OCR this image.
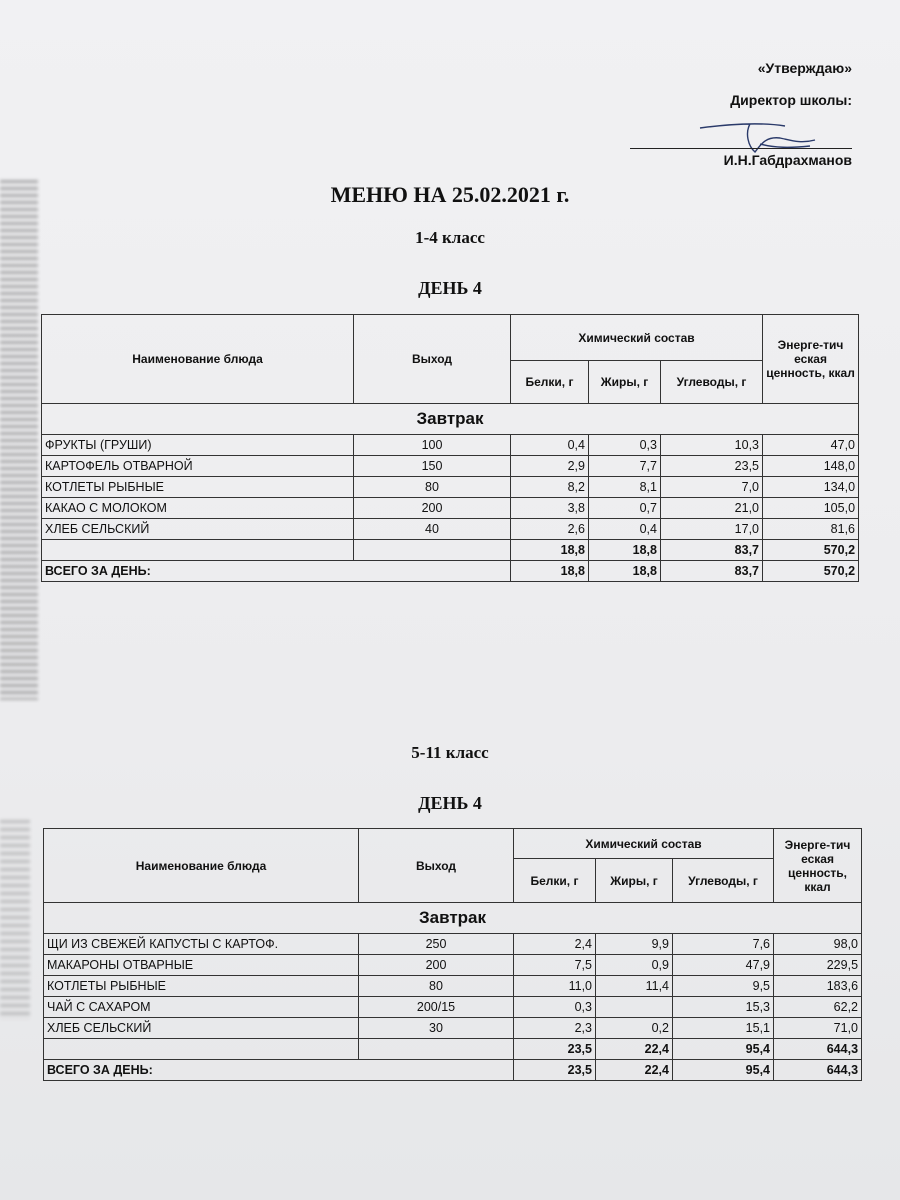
«Утверждаю»
Директор школы:
И.Н.Габдрахманов
МЕНЮ НА 25.02.2021 г.
1-4 класс
ДЕНЬ 4
Наименование блюда	Выход	Химический состав			Энерге-тич еская ценность, ккал
		Белки, г	Жиры, г	Углеводы, г	
Завтрак					
ФРУКТЫ (ГРУШИ)	100	0,4	0,3	10,3	47,0
КАРТОФЕЛЬ ОТВАРНОЙ	150	2,9	7,7	23,5	148,0
КОТЛЕТЫ РЫБНЫЕ	80	8,2	8,1	7,0	134,0
КАКАО С МОЛОКОМ	200	3,8	0,7	21,0	105,0
ХЛЕБ СЕЛЬСКИЙ	40	2,6	0,4	17,0	81,6
		18,8	18,8	83,7	570,2
ВСЕГО ЗА ДЕНЬ:		18,8	18,8	83,7	570,2
5-11 класс
ДЕНЬ 4
Наименование блюда	Выход	Химический состав			Энерге-тич еская ценность, ккал
		Белки, г	Жиры, г	Углеводы, г	
Завтрак					
ЩИ ИЗ СВЕЖЕЙ КАПУСТЫ С КАРТОФ.	250	2,4	9,9	7,6	98,0
МАКАРОНЫ ОТВАРНЫЕ	200	7,5	0,9	47,9	229,5
КОТЛЕТЫ РЫБНЫЕ	80	11,0	11,4	9,5	183,6
ЧАЙ С САХАРОМ	200/15	0,3		15,3	62,2
ХЛЕБ СЕЛЬСКИЙ	30	2,3	0,2	15,1	71,0
		23,5	22,4	95,4	644,3
ВСЕГО ЗА ДЕНЬ:		23,5	22,4	95,4	644,3
